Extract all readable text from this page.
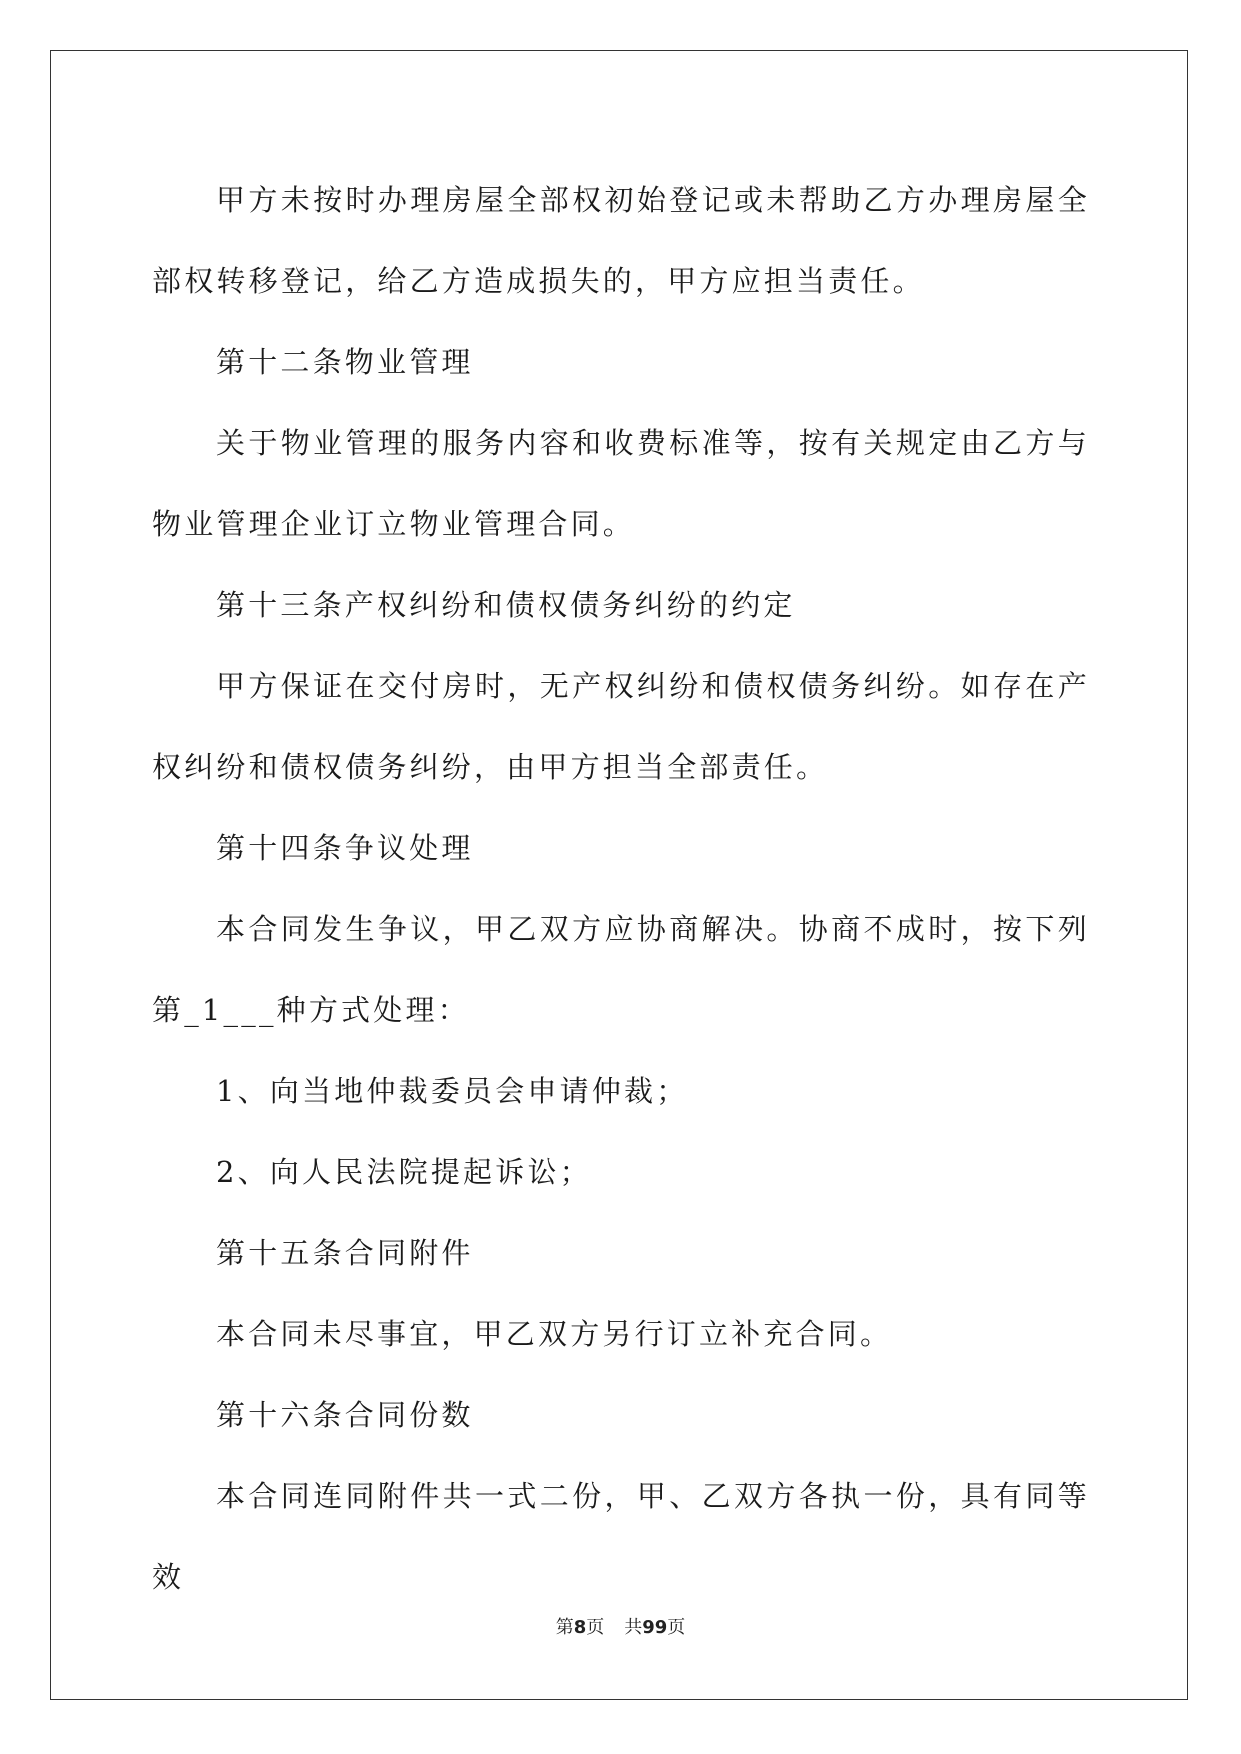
甲方未按时办理房屋全部权初始登记或未帮助乙方办理房屋全部权转移登记，给乙方造成损失的，甲方应担当责任。

第十二条物业管理

关于物业管理的服务内容和收费标准等，按有关规定由乙方与物业管理企业订立物业管理合同。

第十三条产权纠纷和债权债务纠纷的约定

甲方保证在交付房时，无产权纠纷和债权债务纠纷。如存在产权纠纷和债权债务纠纷，由甲方担当全部责任。

第十四条争议处理

本合同发生争议，甲乙双方应协商解决。协商不成时，按下列第_1___种方式处理：

1、向当地仲裁委员会申请仲裁；

2、向人民法院提起诉讼；

第十五条合同附件

本合同未尽事宜，甲乙双方另行订立补充合同。

第十六条合同份数

本合同连同附件共一式二份，甲、乙双方各执一份，具有同等效

第8页 共99页
